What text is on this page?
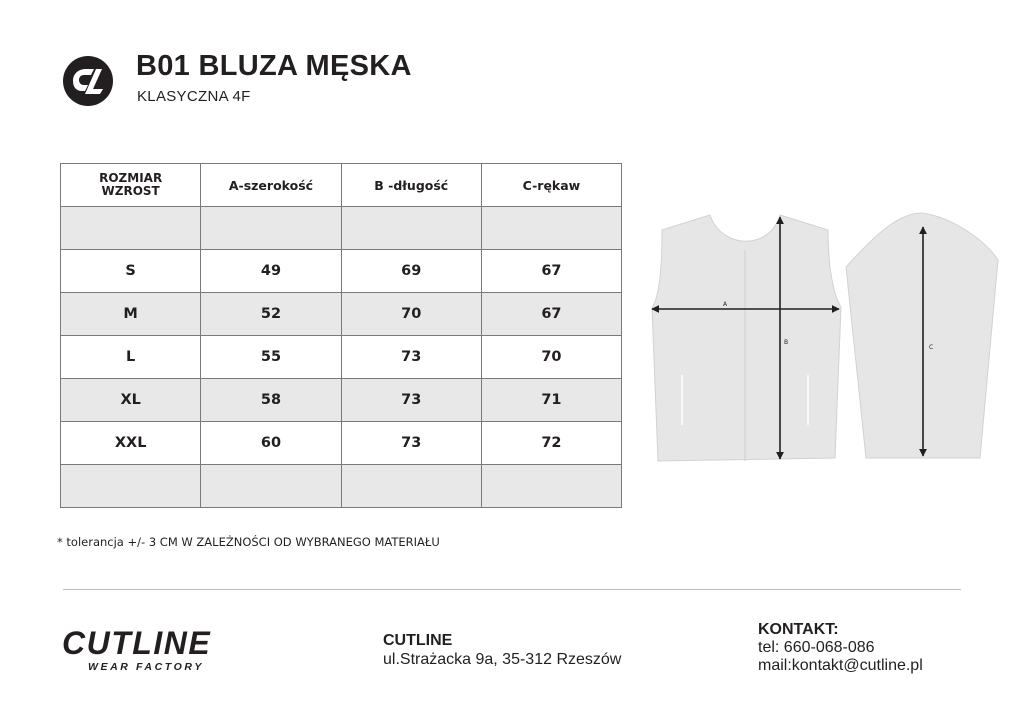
B01 BLUZA MĘSKA
KLASYCZNA 4F
ROZMIAR
WZROST	A-szerokość	B -długość	C-rękaw

S	49	69	67
M	52	70	67
L	55	73	70
XL	58	73	71
XXL	60	73	72

A
B
C
* tolerancja +/- 3 CM W ZALEŻNOŚCI OD WYBRANEGO MATERIAŁU
CUTLINE
WEAR FACTORY
CUTLINE
ul.Strażacka 9a, 35-312 Rzeszów
KONTAKT:
tel: 660-068-086
mail:kontakt@cutline.pl
